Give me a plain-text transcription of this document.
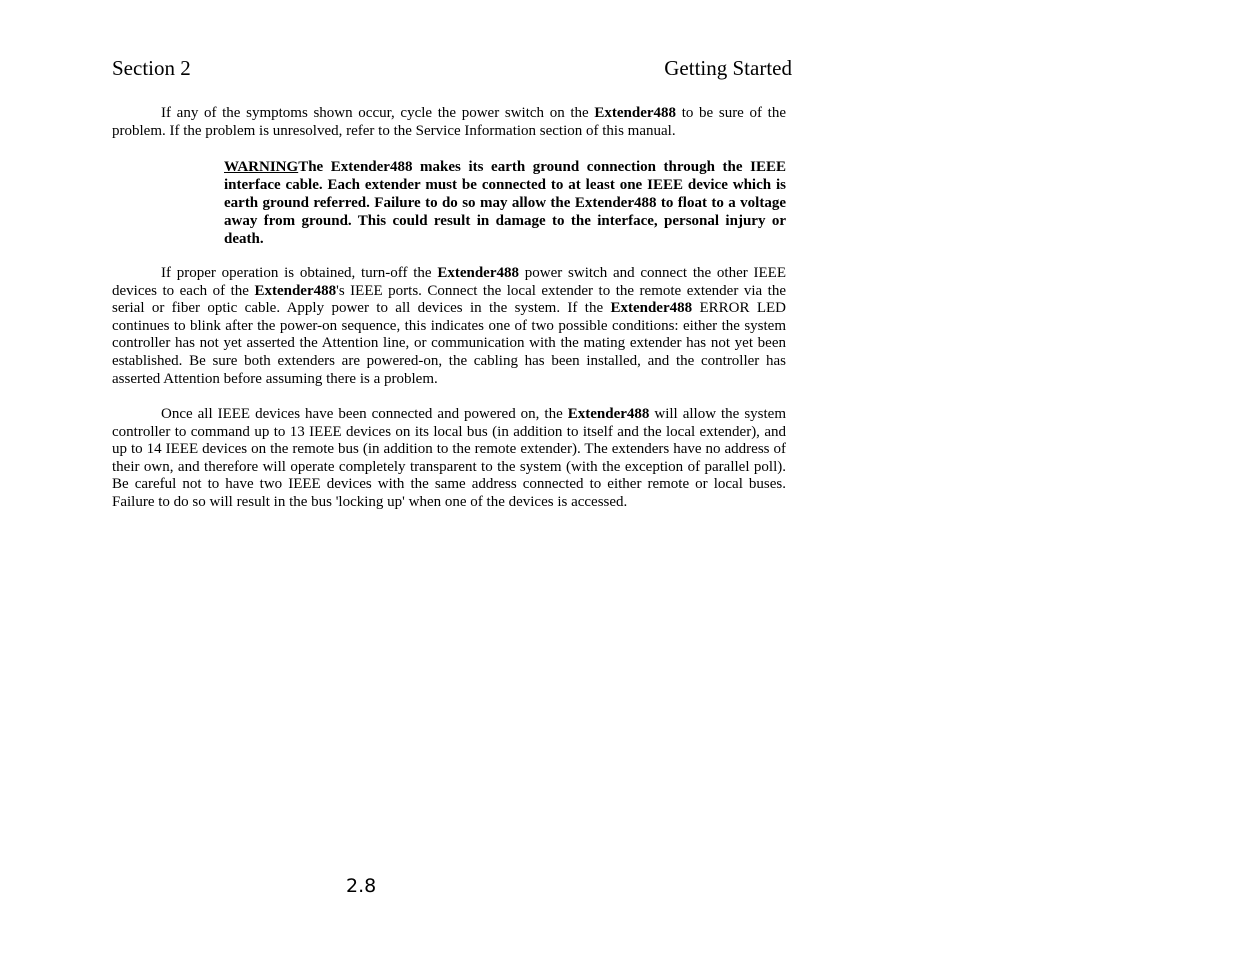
Section 2	Getting Started

If any of the symptoms shown occur, cycle the power switch on the Extender488 to be sure of the problem. If the problem is unresolved, refer to the Service Information section of this manual.

WARNINGThe Extender488 makes its earth ground connection through the IEEE interface cable. Each extender must be connected to at least one IEEE device which is earth ground referred. Failure to do so may allow the Extender488 to float to a voltage away from ground. This could result in damage to the interface, personal injury or death.

If proper operation is obtained, turn-off the Extender488 power switch and connect the other IEEE devices to each of the Extender488's IEEE ports. Connect the local extender to the remote extender via the serial or fiber optic cable. Apply power to all devices in the system. If the Extender488 ERROR LED continues to blink after the power-on sequence, this indicates one of two possible conditions: either the system controller has not yet asserted the Attention line, or communication with the mating extender has not yet been established. Be sure both extenders are powered-on, the cabling has been installed, and the controller has asserted Attention before assuming there is a problem.

Once all IEEE devices have been connected and powered on, the Extender488 will allow the system controller to command up to 13 IEEE devices on its local bus (in addition to itself and the local extender), and up to 14 IEEE devices on the remote bus (in addition to the remote extender). The extenders have no address of their own, and therefore will operate completely transparent to the system (with the exception of parallel poll). Be careful not to have two IEEE devices with the same address connected to either remote or local buses. Failure to do so will result in the bus 'locking up' when one of the devices is accessed.

2.8
